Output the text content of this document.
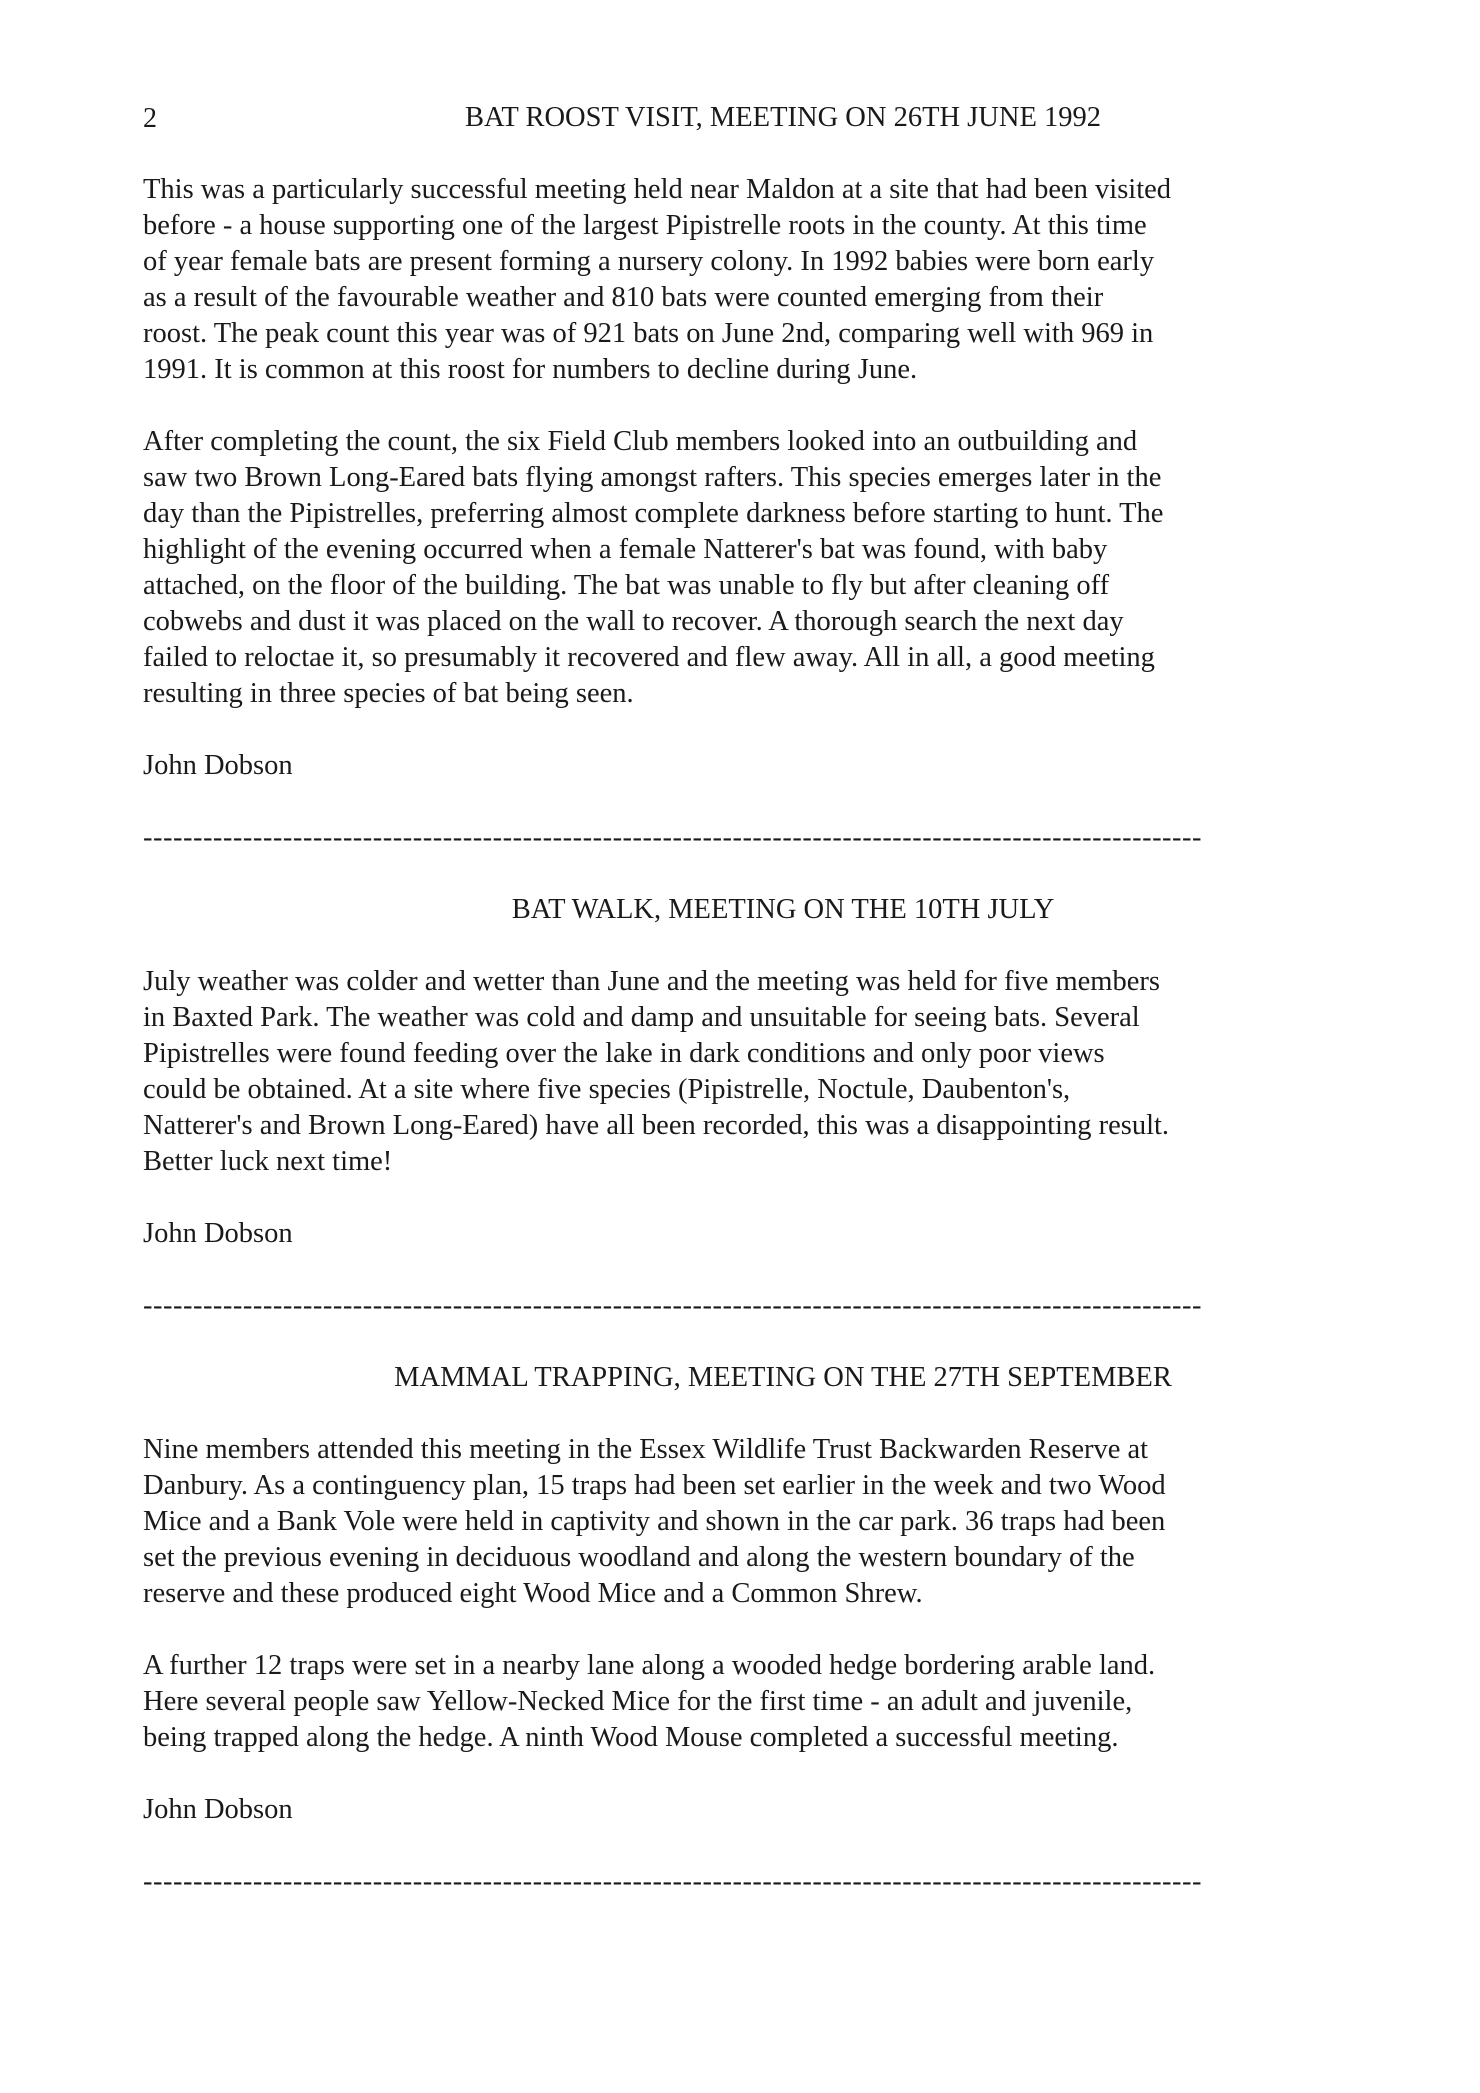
2	BAT ROOST VISIT, MEETING ON 26TH JUNE 1992

This was a particularly successful meeting held near Maldon at a site that had been visited
before - a house supporting one of the largest Pipistrelle roots in the county. At this time
of year female bats are present forming a nursery colony. In 1992 babies were born early
as a result of the favourable weather and 810 bats were counted emerging from their
roost. The peak count this year was of 921 bats on June 2nd, comparing well with 969 in
1991. It is common at this roost for numbers to decline during June.

After completing the count, the six Field Club members looked into an outbuilding and
saw two Brown Long-Eared bats flying amongst rafters. This species emerges later in the
day than the Pipistrelles, preferring almost complete darkness before starting to hunt. The
highlight of the evening occurred when a female Natterer's bat was found, with baby
attached, on the floor of the building. The bat was unable to fly but after cleaning off
cobwebs and dust it was placed on the wall to recover. A thorough search the next day
failed to reloctae it, so presumably it recovered and flew away. All in all, a good meeting
resulting in three species of bat being seen.

John Dobson

----------------------------------------------------------------------------------------------------------

BAT WALK, MEETING ON THE 10TH JULY

July weather was colder and wetter than June and the meeting was held for five members
in Baxted Park. The weather was cold and damp and unsuitable for seeing bats. Several
Pipistrelles were found feeding over the lake in dark conditions and only poor views
could be obtained. At a site where five species (Pipistrelle, Noctule, Daubenton's,
Natterer's and Brown Long-Eared) have all been recorded, this was a disappointing result.
Better luck next time!

John Dobson

----------------------------------------------------------------------------------------------------------

MAMMAL TRAPPING, MEETING ON THE 27TH SEPTEMBER

Nine members attended this meeting in the Essex Wildlife Trust Backwarden Reserve at
Danbury. As a continguency plan, 15 traps had been set earlier in the week and two Wood
Mice and a Bank Vole were held in captivity and shown in the car park. 36 traps had been
set the previous evening in deciduous woodland and along the western boundary of the
reserve and these produced eight Wood Mice and a Common Shrew.

A further 12 traps were set in a nearby lane along a wooded hedge bordering arable land.
Here several people saw Yellow-Necked Mice for the first time - an adult and juvenile,
being trapped along the hedge. A ninth Wood Mouse completed a successful meeting.

John Dobson

----------------------------------------------------------------------------------------------------------
